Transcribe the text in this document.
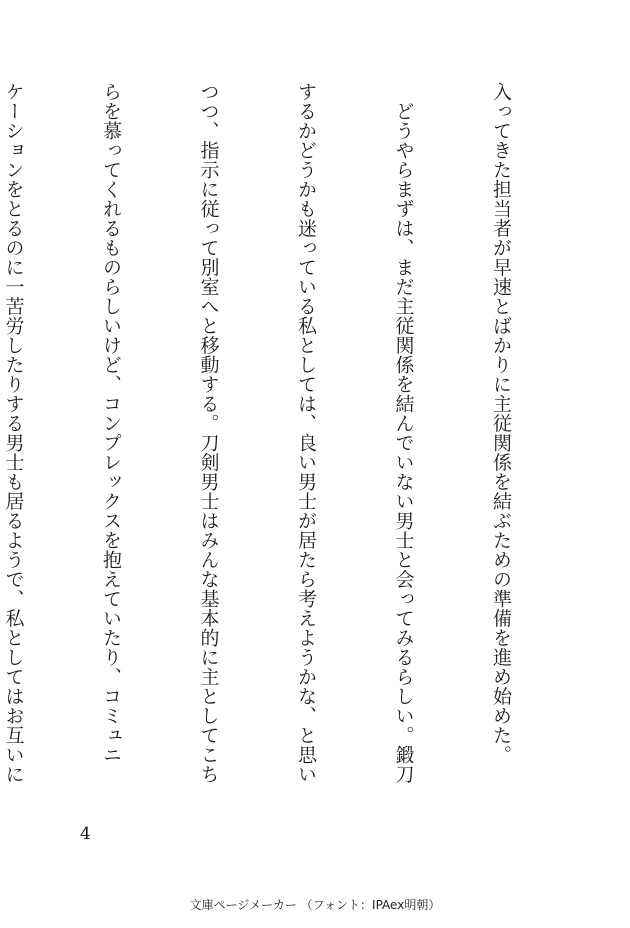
入ってきた担当者が早速とばかりに主従関係を結ぶための準備を進め始めた。

　どうやらまずは、まだ主従関係を結んでいない男士と会ってみるらしい。鍛刀

するかどうかも迷っている私としては、良い男士が居たら考えようかな、と思い

つつ、指示に従って別室へと移動する。刀剣男士はみんな基本的に主としてこち

らを慕ってくれるものらしいけど、コンプレックスを抱えていたり、コミュニ

ケーションをとるのに一苦労したりする男士も居るようで、私としてはお互いに

4
文庫ページメーカー （フォント：IPAex明朝）
